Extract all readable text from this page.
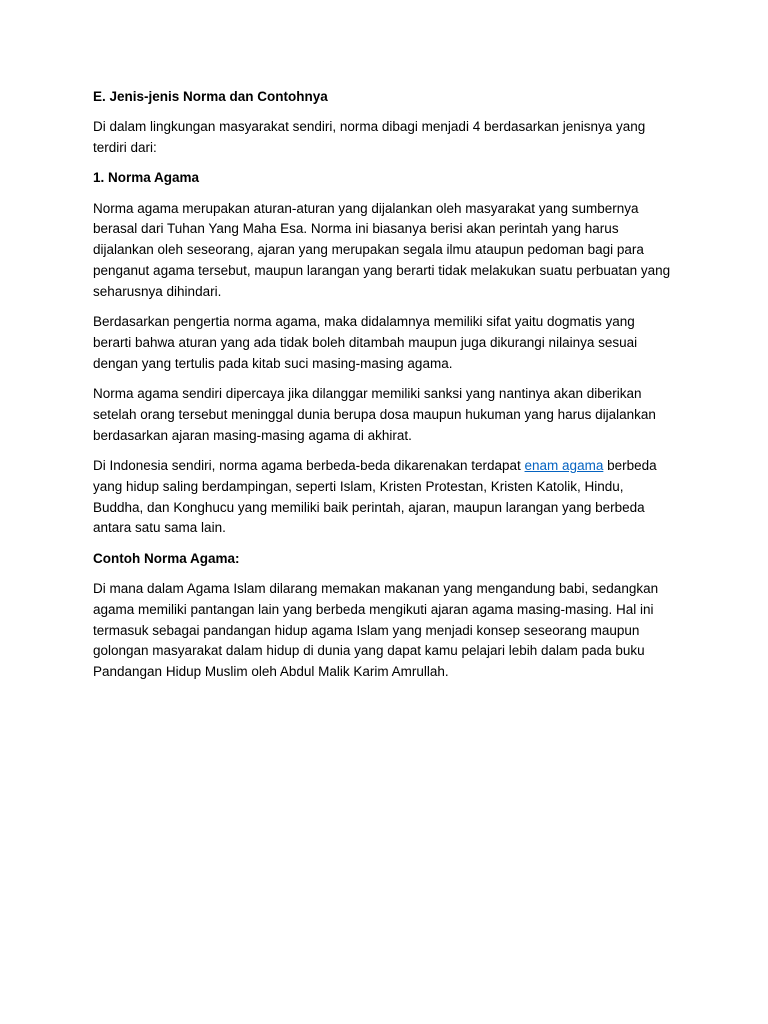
E. Jenis-jenis Norma dan Contohnya

Di dalam lingkungan masyarakat sendiri, norma dibagi menjadi 4 berdasarkan jenisnya yang terdiri dari:

1. Norma Agama

Norma agama merupakan aturan-aturan yang dijalankan oleh masyarakat yang sumbernya berasal dari Tuhan Yang Maha Esa. Norma ini biasanya berisi akan perintah yang harus dijalankan oleh seseorang, ajaran yang merupakan segala ilmu ataupun pedoman bagi para penganut agama tersebut, maupun larangan yang berarti tidak melakukan suatu perbuatan yang seharusnya dihindari.

Berdasarkan pengertia norma agama, maka didalamnya memiliki sifat yaitu dogmatis yang berarti bahwa aturan yang ada tidak boleh ditambah maupun juga dikurangi nilainya sesuai dengan yang tertulis pada kitab suci masing-masing agama.

Norma agama sendiri dipercaya jika dilanggar memiliki sanksi yang nantinya akan diberikan setelah orang tersebut meninggal dunia berupa dosa maupun hukuman yang harus dijalankan berdasarkan ajaran masing-masing agama di akhirat.

Di Indonesia sendiri, norma agama berbeda-beda dikarenakan terdapat enam agama berbeda yang hidup saling berdampingan, seperti Islam, Kristen Protestan, Kristen Katolik, Hindu, Buddha, dan Konghucu yang memiliki baik perintah, ajaran, maupun larangan yang berbeda antara satu sama lain.

Contoh Norma Agama:

Di mana dalam Agama Islam dilarang memakan makanan yang mengandung babi, sedangkan agama memiliki pantangan lain yang berbeda mengikuti ajaran agama masing-masing. Hal ini termasuk sebagai pandangan hidup agama Islam yang menjadi konsep seseorang maupun golongan masyarakat dalam hidup di dunia yang dapat kamu pelajari lebih dalam pada buku Pandangan Hidup Muslim oleh Abdul Malik Karim Amrullah.
